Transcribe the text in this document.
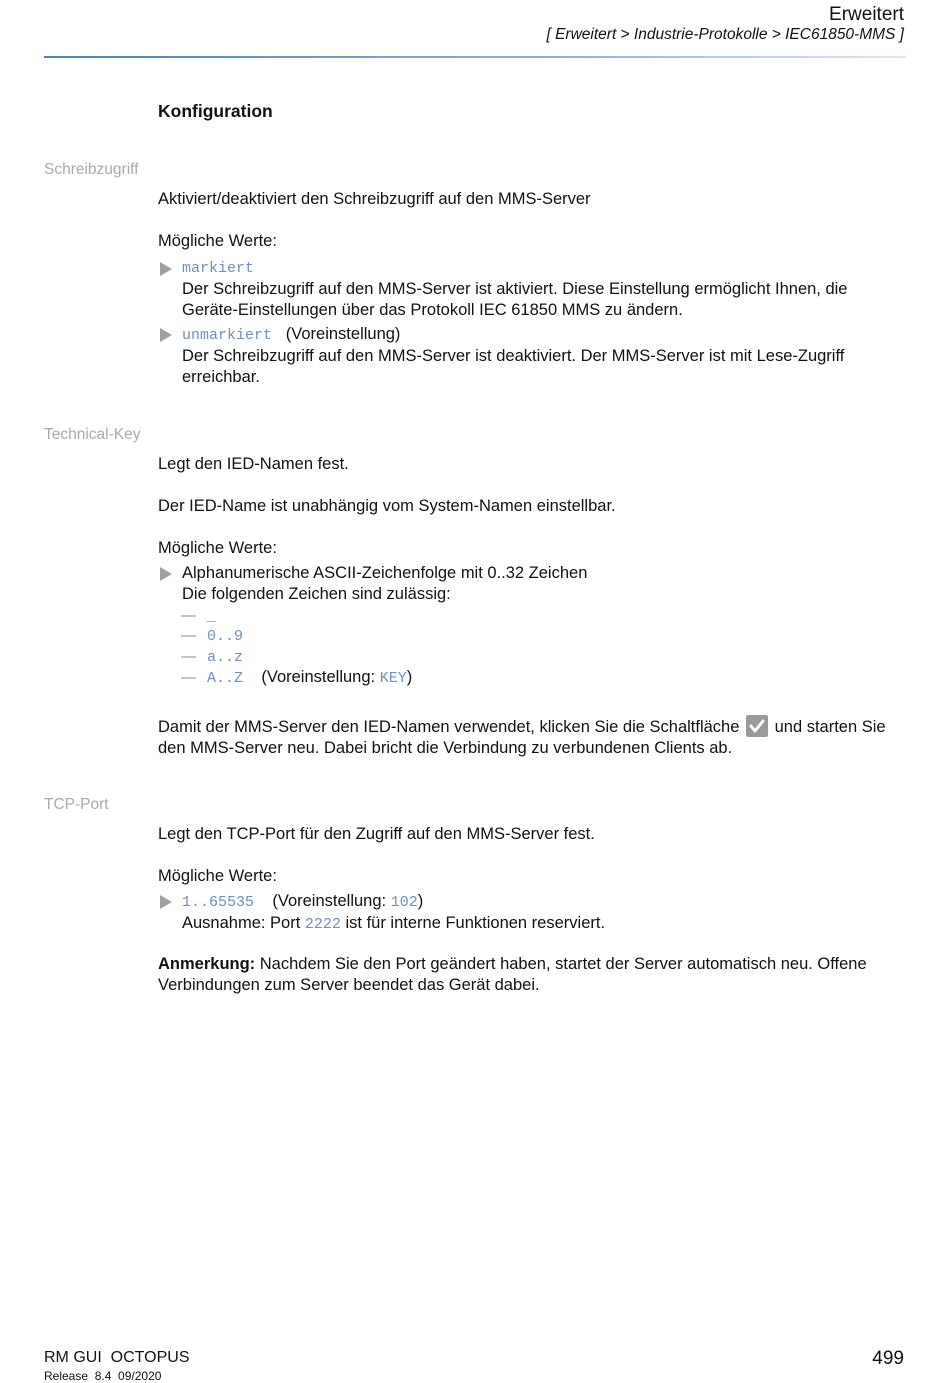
Erweitert
[ Erweitert > Industrie-Protokolle > IEC61850-MMS ]
Konfiguration
Schreibzugriff
Aktiviert/deaktiviert den Schreibzugriff auf den MMS-Server
Mögliche Werte:
markiert
Der Schreibzugriff auf den MMS-Server ist aktiviert. Diese Einstellung ermöglicht Ihnen, die
Geräte-Einstellungen über das Protokoll IEC 61850 MMS zu ändern.
unmarkiert (Voreinstellung)
Der Schreibzugriff auf den MMS-Server ist deaktiviert. Der MMS-Server ist mit Lese-Zugriff
erreichbar.
Technical-Key
Legt den IED-Namen fest.
Der IED-Name ist unabhängig vom System-Namen einstellbar.
Mögliche Werte:
Alphanumerische ASCII-Zeichenfolge mit 0..32 Zeichen
Die folgenden Zeichen sind zulässig:
— _
— 0..9
— a..z
— A..Z (Voreinstellung: KEY)
Damit der MMS-Server den IED-Namen verwendet, klicken Sie die Schaltfläche und starten Sie
den MMS-Server neu. Dabei bricht die Verbindung zu verbundenen Clients ab.
TCP-Port
Legt den TCP-Port für den Zugriff auf den MMS-Server fest.
Mögliche Werte:
1..65535 (Voreinstellung: 102)
Ausnahme: Port 2222 ist für interne Funktionen reserviert.
Anmerkung: Nachdem Sie den Port geändert haben, startet der Server automatisch neu. Offene
Verbindungen zum Server beendet das Gerät dabei.
RM GUI  OCTOPUS
Release  8.4  09/2020
499
